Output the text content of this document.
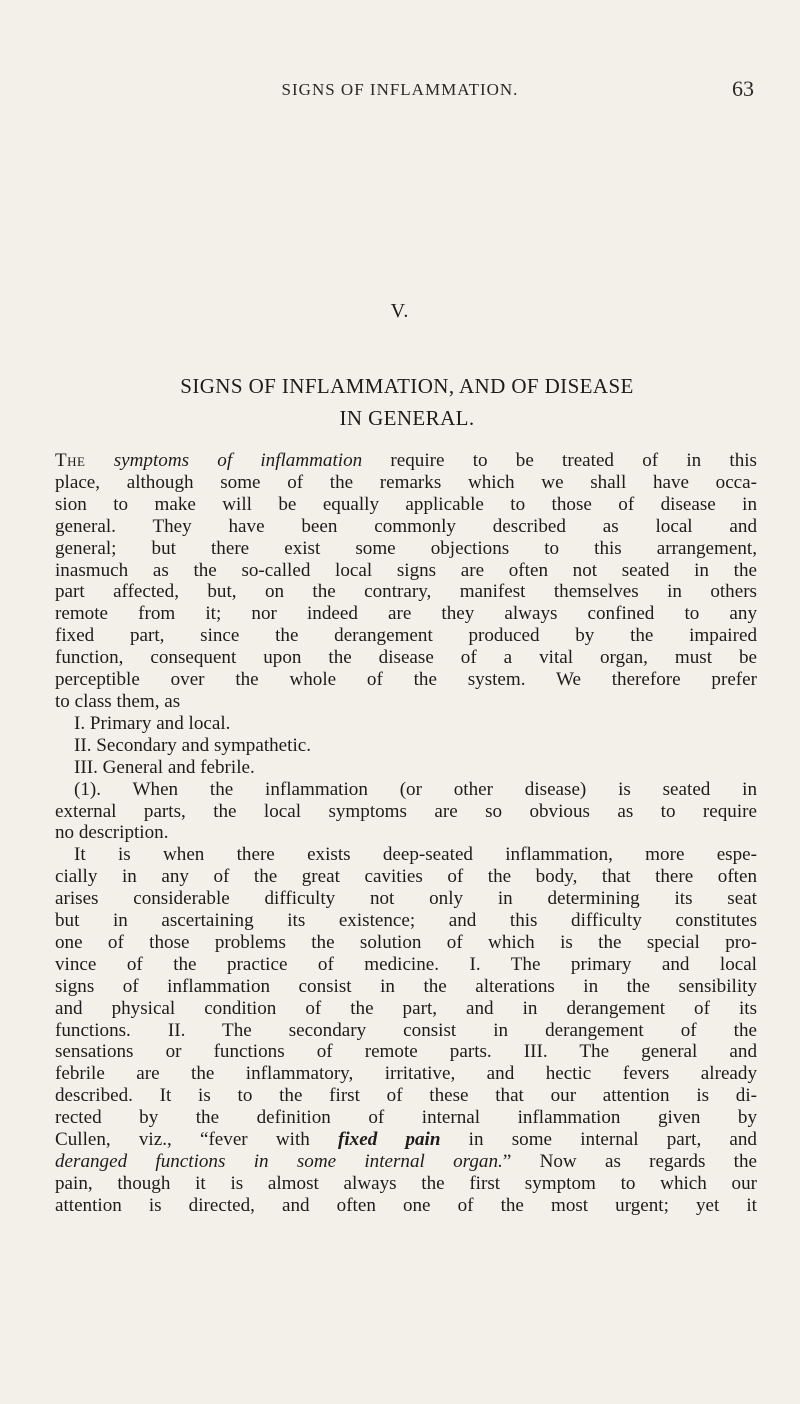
SIGNS OF INFLAMMATION.	63
V.
SIGNS OF INFLAMMATION, AND OF DISEASE
IN GENERAL.
The symptoms of inflammation require to be treated of in this
place, although some of the remarks which we shall have occa-
sion to make will be equally applicable to those of disease in
general. They have been commonly described as local and
general; but there exist some objections to this arrangement,
inasmuch as the so-called local signs are often not seated in the
part affected, but, on the contrary, manifest themselves in others
remote from it; nor indeed are they always confined to any
fixed part, since the derangement produced by the impaired
function, consequent upon the disease of a vital organ, must be
perceptible over the whole of the system. We therefore prefer
to class them, as
I. Primary and local.
II. Secondary and sympathetic.
III. General and febrile.
(1). When the inflammation (or other disease) is seated in
external parts, the local symptoms are so obvious as to require
no description.
It is when there exists deep-seated inflammation, more espe-
cially in any of the great cavities of the body, that there often
arises considerable difficulty not only in determining its seat
but in ascertaining its existence; and this difficulty constitutes
one of those problems the solution of which is the special pro-
vince of the practice of medicine. I. The primary and local
signs of inflammation consist in the alterations in the sensibility
and physical condition of the part, and in derangement of its
functions. II. The secondary consist in derangement of the
sensations or functions of remote parts. III. The general and
febrile are the inflammatory, irritative, and hectic fevers already
described. It is to the first of these that our attention is di-
rected by the definition of internal inflammation given by
Cullen, viz., “fever with fixed pain in some internal part, and
deranged functions in some internal organ.” Now as regards the
pain, though it is almost always the first symptom to which our
attention is directed, and often one of the most urgent; yet it
